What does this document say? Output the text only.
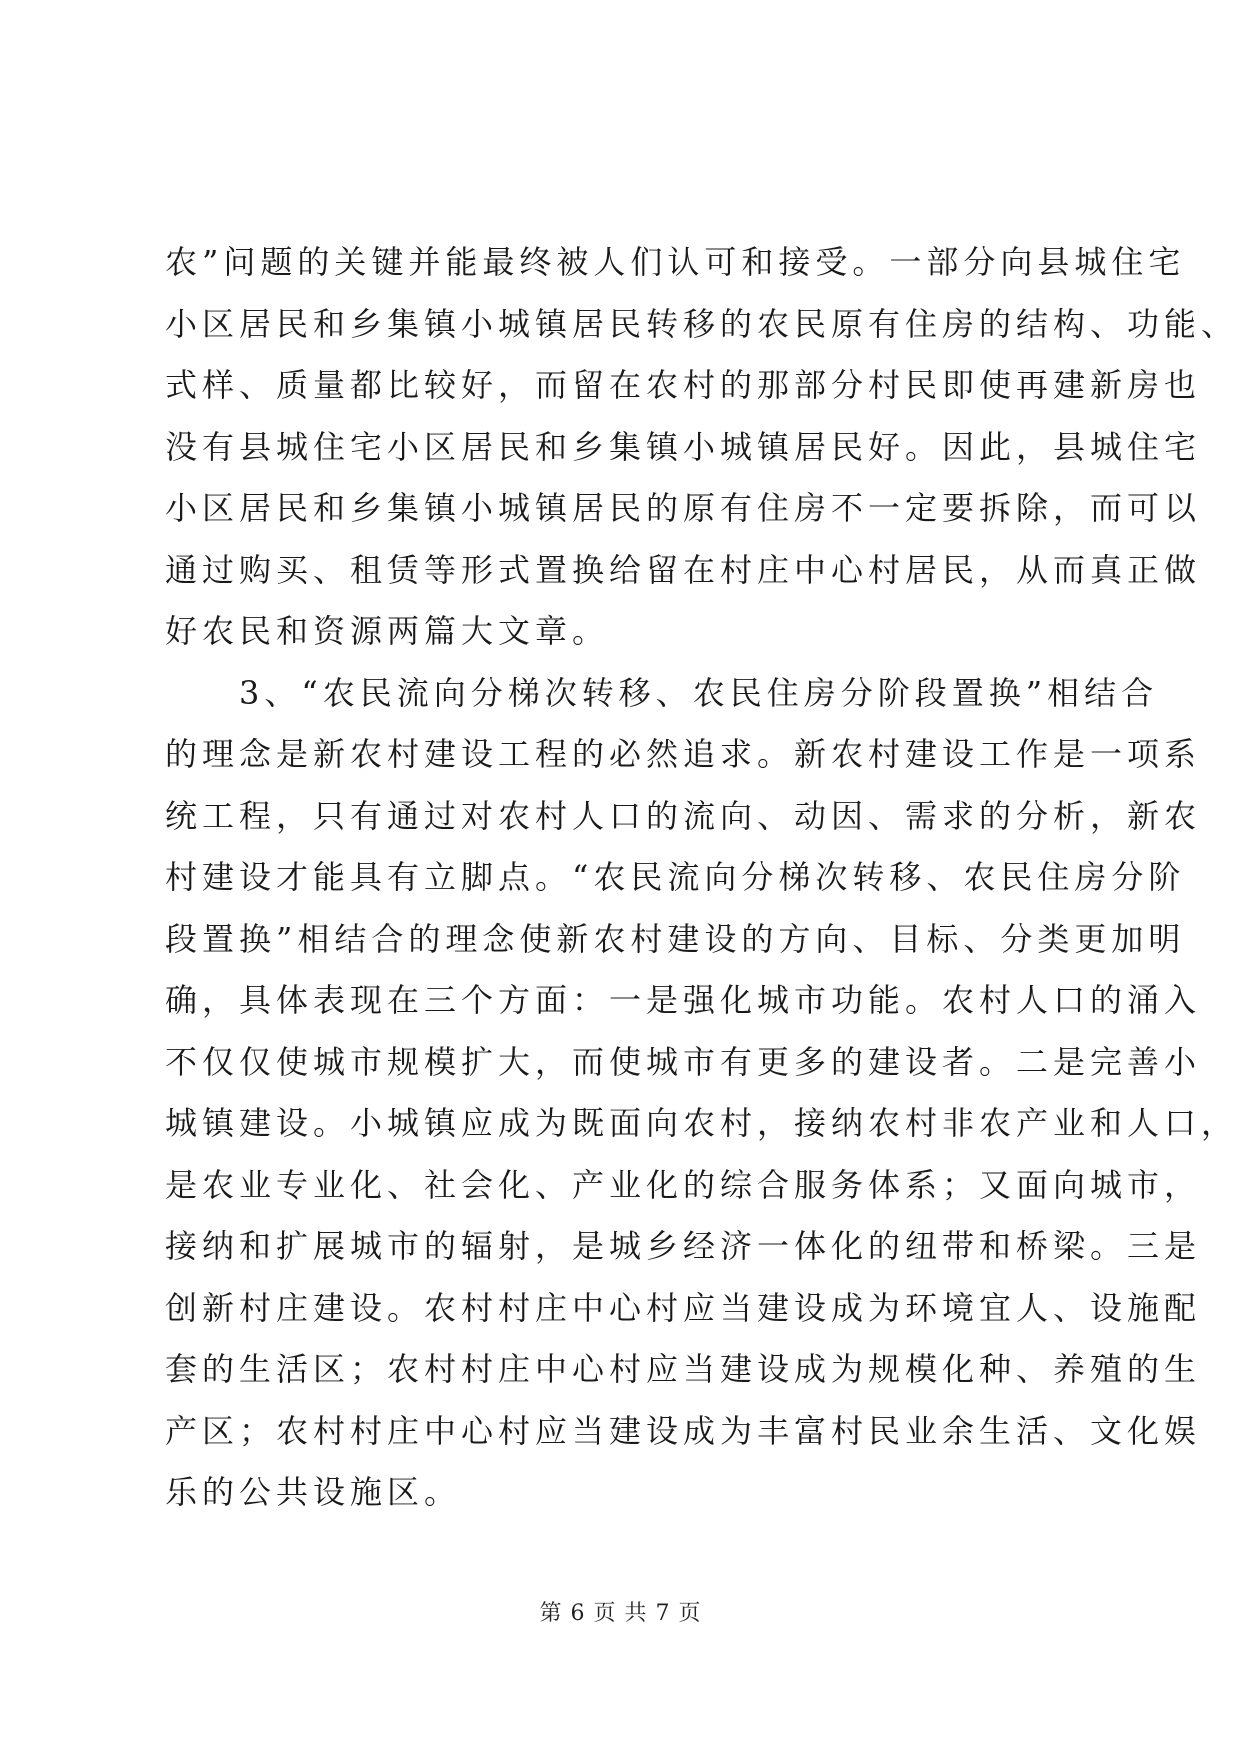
农”问题的关键并能最终被人们认可和接受。一部分向县城住宅
小区居民和乡集镇小城镇居民转移的农民原有住房的结构、功能、
式样、质量都比较好，而留在农村的那部分村民即使再建新房也
没有县城住宅小区居民和乡集镇小城镇居民好。因此，县城住宅
小区居民和乡集镇小城镇居民的原有住房不一定要拆除，而可以
通过购买、租赁等形式置换给留在村庄中心村居民，从而真正做
好农民和资源两篇大文章。
　　3、“农民流向分梯次转移、农民住房分阶段置换”相结合
的理念是新农村建设工程的必然追求。新农村建设工作是一项系
统工程，只有通过对农村人口的流向、动因、需求的分析，新农
村建设才能具有立脚点。“农民流向分梯次转移、农民住房分阶
段置换”相结合的理念使新农村建设的方向、目标、分类更加明
确，具体表现在三个方面：一是强化城市功能。农村人口的涌入
不仅仅使城市规模扩大，而使城市有更多的建设者。二是完善小
城镇建设。小城镇应成为既面向农村，接纳农村非农产业和人口，
是农业专业化、社会化、产业化的综合服务体系；又面向城市，
接纳和扩展城市的辐射，是城乡经济一体化的纽带和桥梁。三是
创新村庄建设。农村村庄中心村应当建设成为环境宜人、设施配
套的生活区；农村村庄中心村应当建设成为规模化种、养殖的生
产区；农村村庄中心村应当建设成为丰富村民业余生活、文化娱
乐的公共设施区。
第 6 页 共 7 页
